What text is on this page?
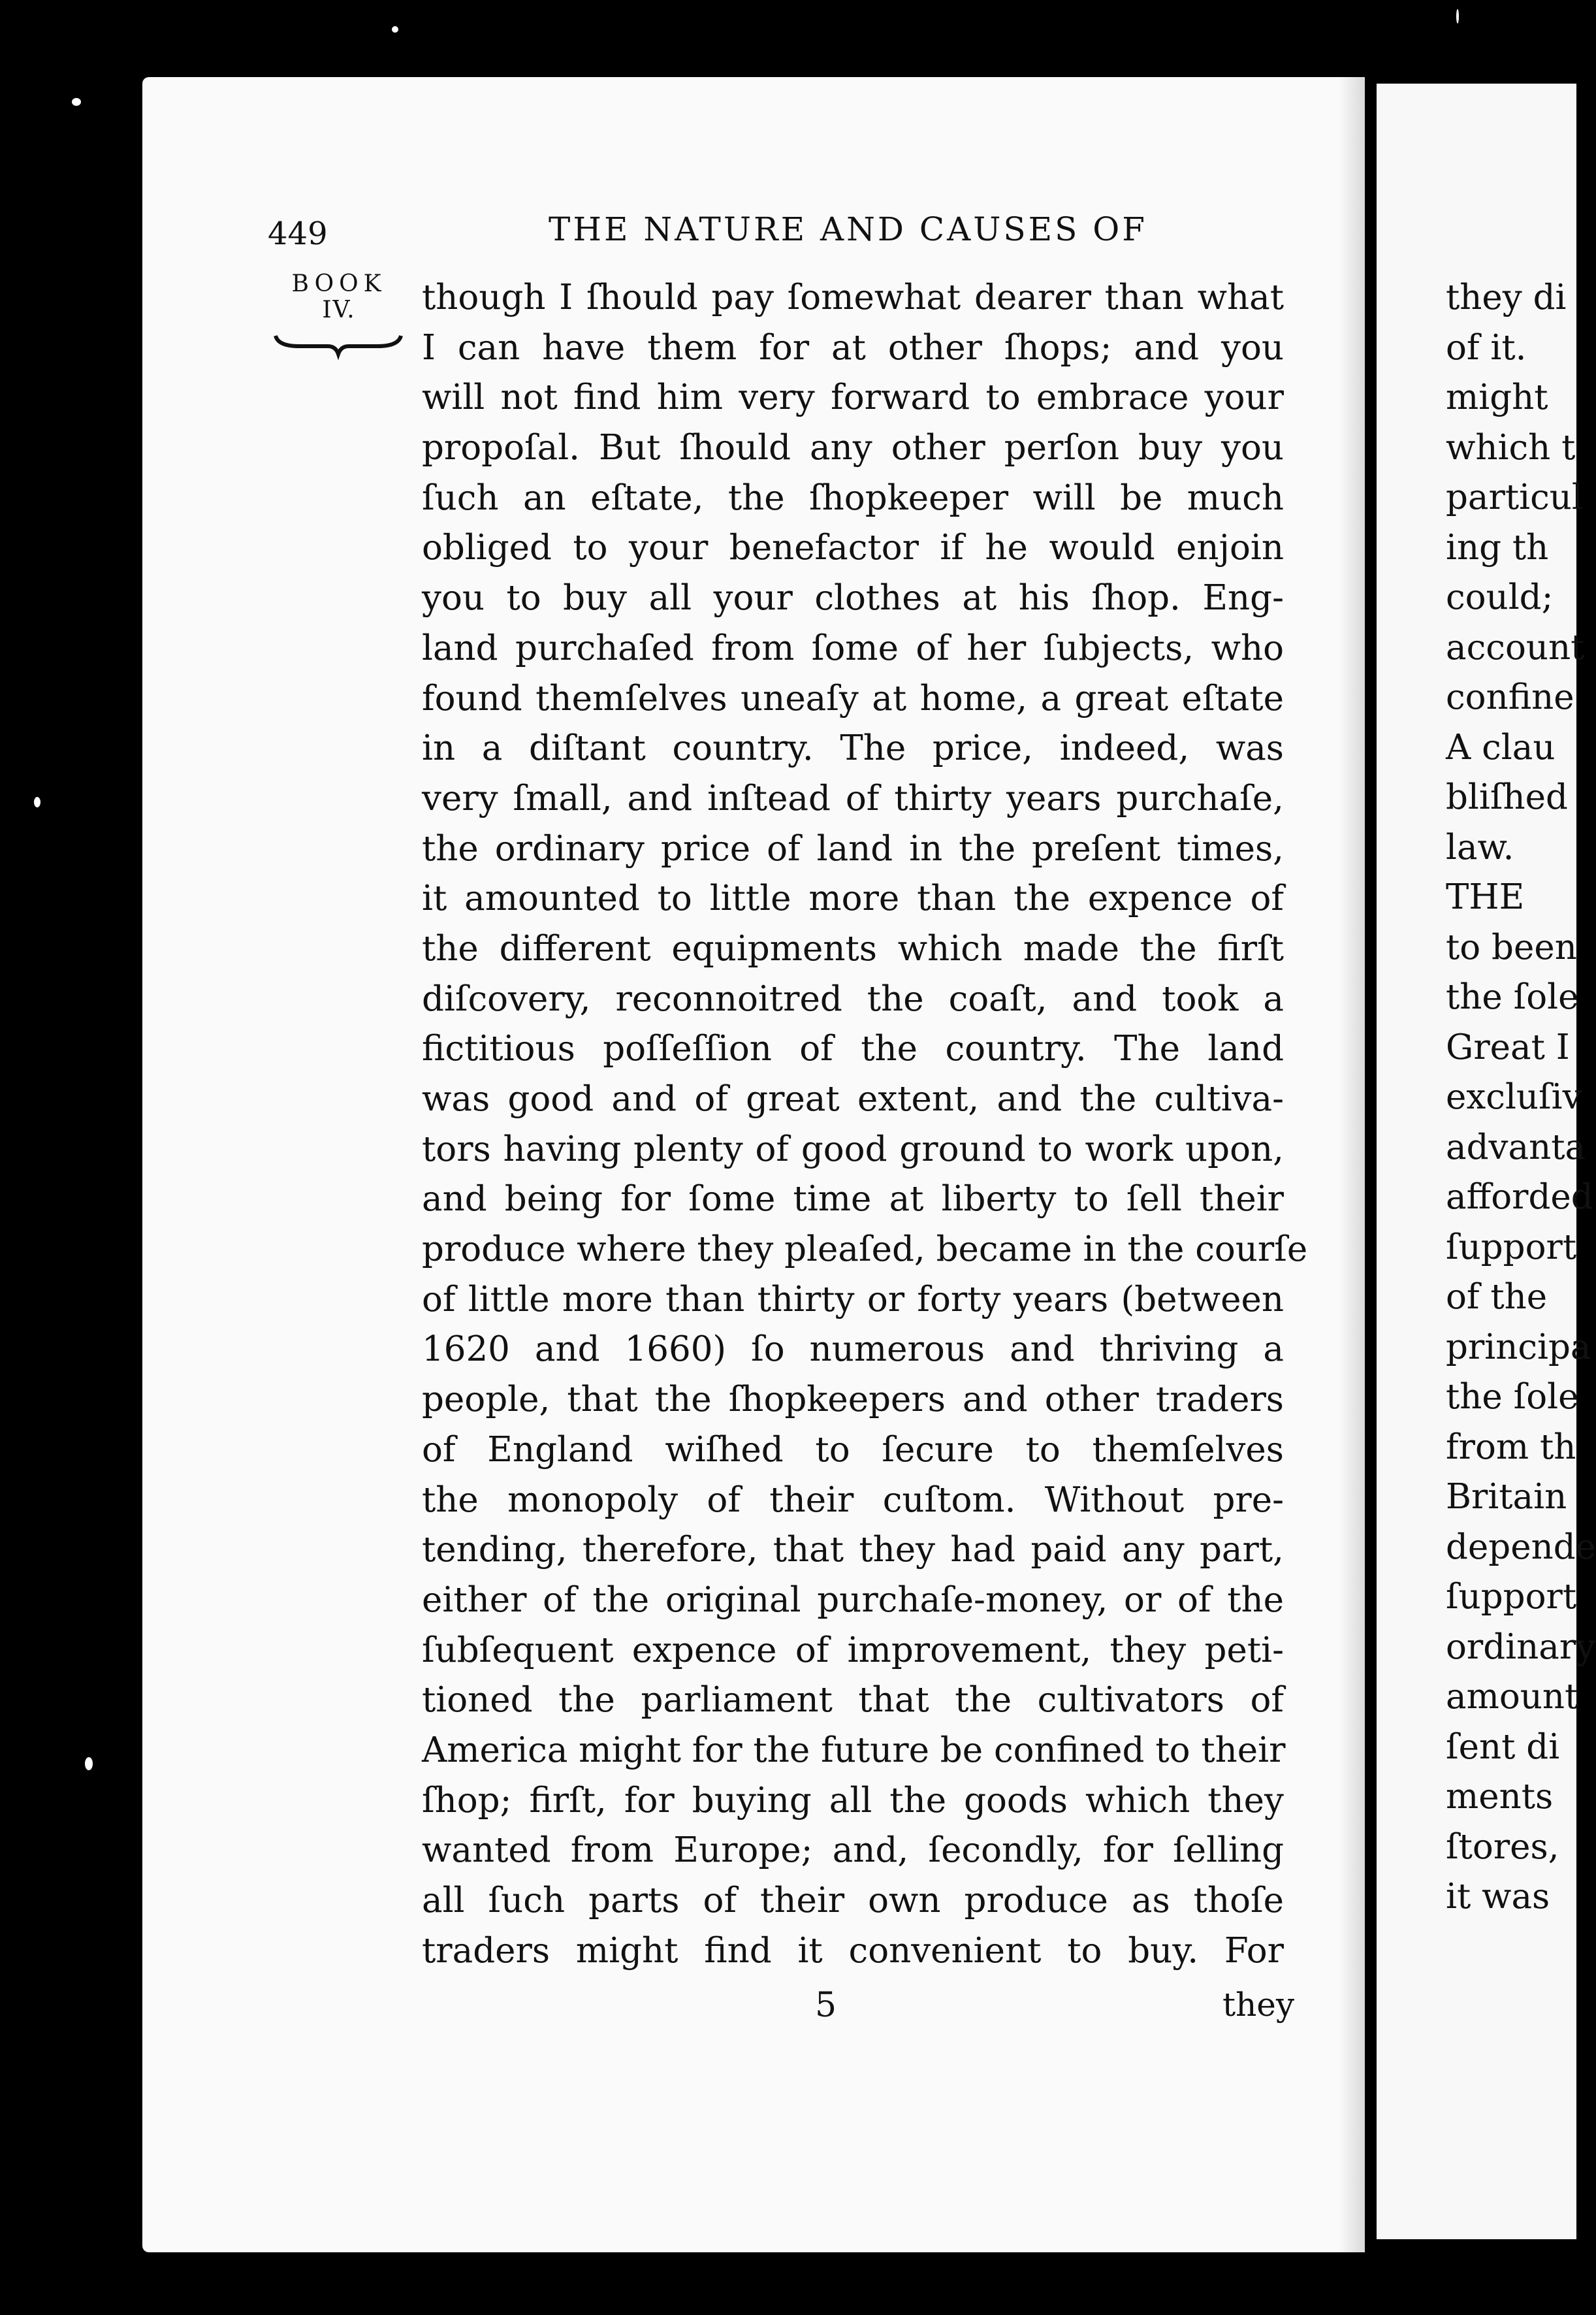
449	THE NATURE AND CAUSES OF
BOOK
IV.	though I ſhould pay ſomewhat dearer than what
I can have them for at other ſhops; and you
will not find him very forward to embrace your
propoſal. But ſhould any other perſon buy you
ſuch an eſtate, the ſhopkeeper will be much
obliged to your benefactor if he would enjoin
you to buy all your clothes at his ſhop. Eng-
land purchaſed from ſome of her ſubjects, who
found themſelves uneaſy at home, a great eſtate
in a diſtant country. The price, indeed, was
very ſmall, and inſtead of thirty years purchaſe,
the ordinary price of land in the preſent times,
it amounted to little more than the expence of
the different equipments which made the firſt
diſcovery, reconnoitred the coaſt, and took a
fictitious poſſeſſion of the country. The land
was good and of great extent, and the cultiva-
tors having plenty of good ground to work upon,
and being for ſome time at liberty to ſell their
produce where they pleaſed, became in the courſe
of little more than thirty or forty years (between
1620 and 1660) ſo numerous and thriving a
people, that the ſhopkeepers and other traders
of England wiſhed to ſecure to themſelves
the monopoly of their cuſtom. Without pre-
tending, therefore, that they had paid any part,
either of the original purchaſe-money, or of the
ſubſequent expence of improvement, they peti-
tioned the parliament that the cultivators of
America might for the future be confined to their
ſhop; firſt, for buying all the goods which they
wanted from Europe; and, ſecondly, for ſelling
all ſuch parts of their own produce as thoſe
traders might find it convenient to buy. For
5	they
they di
of it.
might
which t
particul
ing th
could;
account
confine
A clau
bliſhed
law.
THE
to been
the ſole
Great I
excluſiv
advanta
afforded
ſupport
of the
principa
the ſole
from th
Britain
depende
ſupport
ordinary
amount
ſent di
ments
ſtores,
it was
